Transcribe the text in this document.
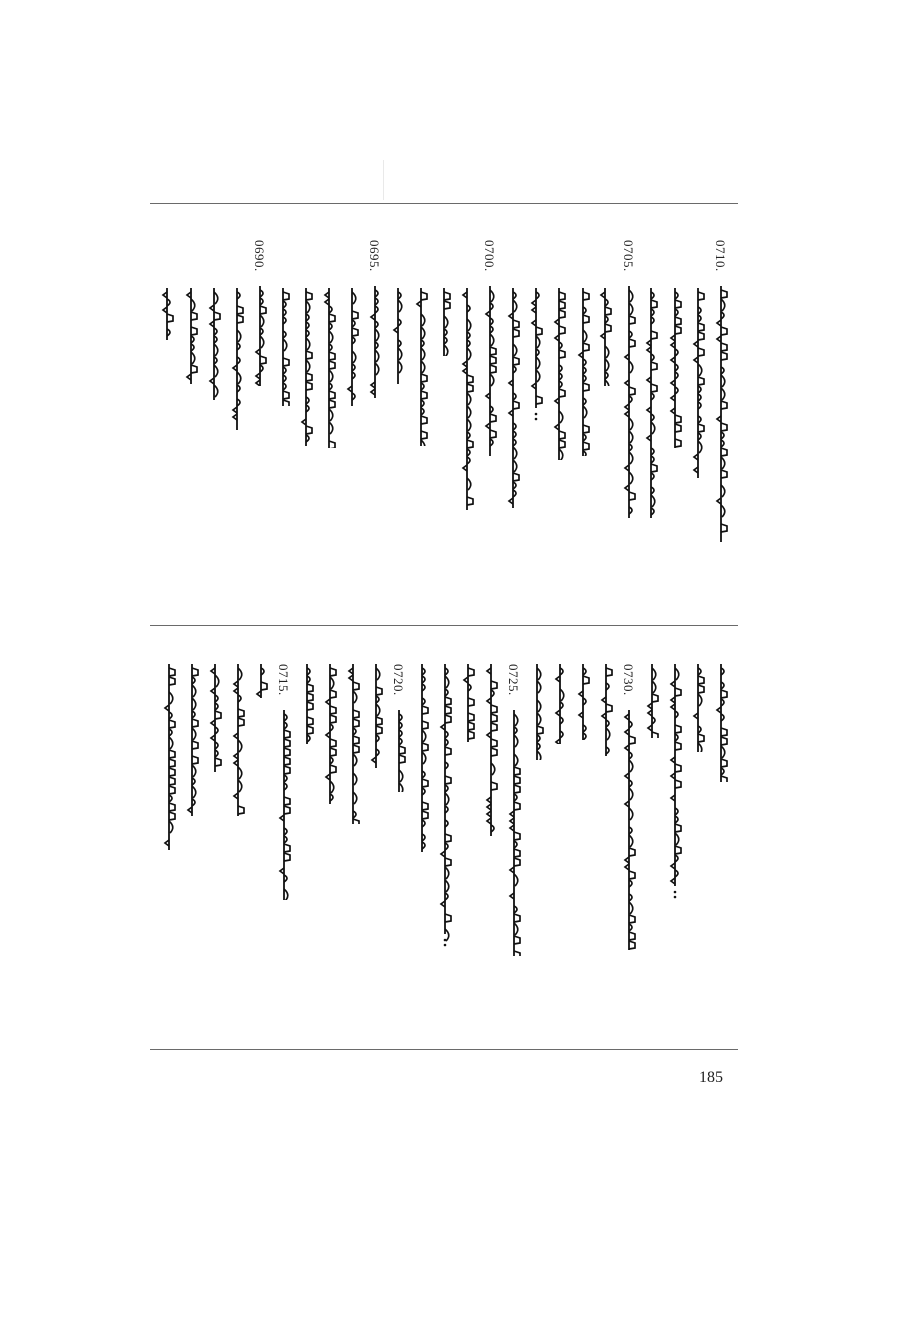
0710.
0705.
0700.
0695.
0690.
0730.
0725.
0720.
0715.
185
